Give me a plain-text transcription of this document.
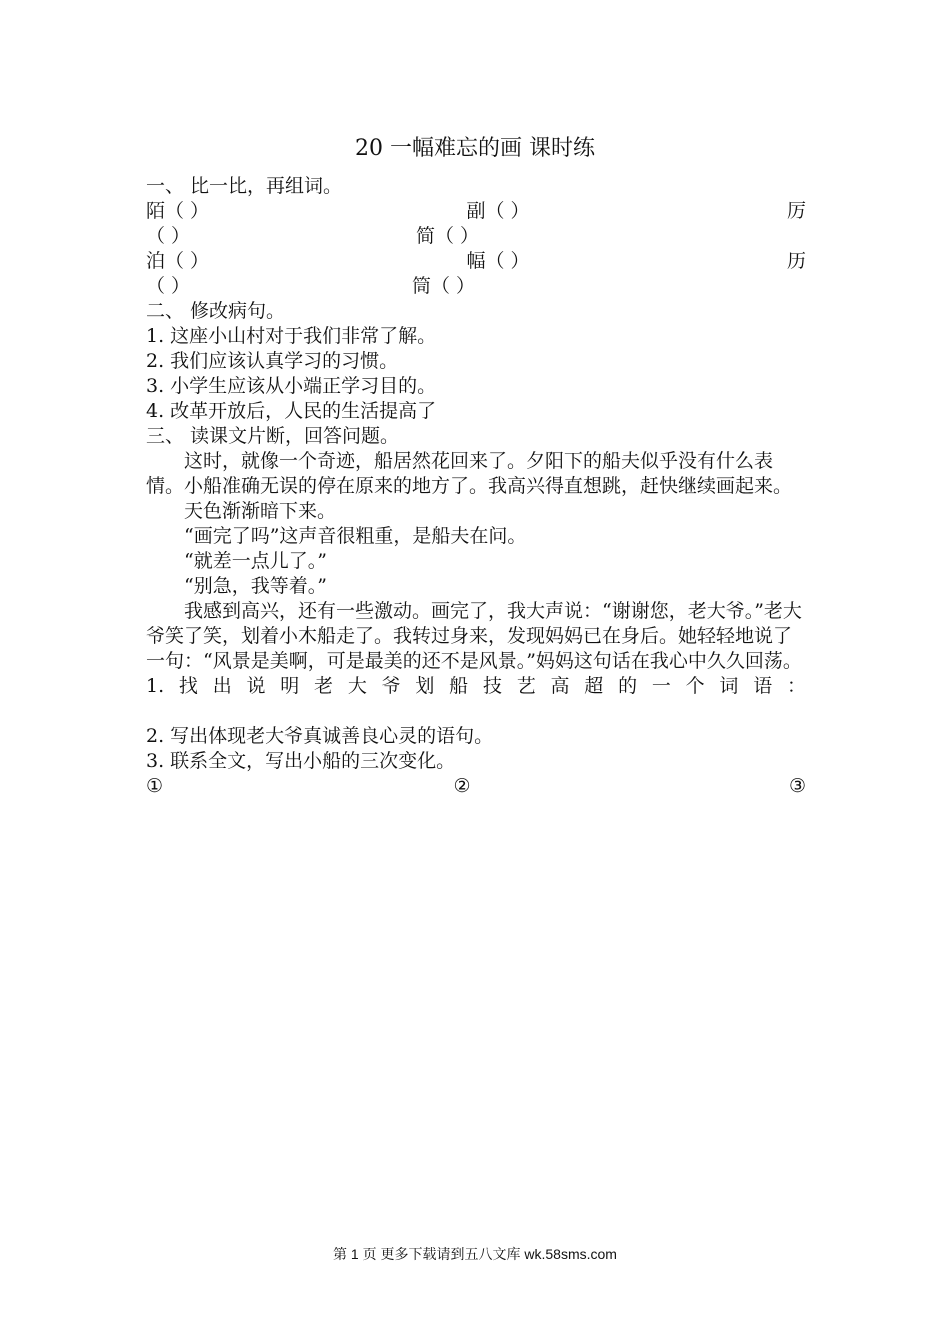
20 一幅难忘的画 课时练
一、 比一比，再组词。
陌（ ）	副（ ）	厉
（ ）	简（ ）
泊（ ）	幅（ ）	历
（ ）	筒（ ）
二、 修改病句。
1. 这座小山村对于我们非常了解。
2. 我们应该认真学习的习惯。
3. 小学生应该从小端正学习目的。
4. 改革开放后，人民的生活提高了
三、 读课文片断，回答问题。
这时，就像一个奇迹，船居然花回来了。夕阳下的船夫似乎没有什么表情。小船准确无误的停在原来的地方了。我高兴得直想跳，赶快继续画起来。
天色渐渐暗下来。
“画完了吗”这声音很粗重，是船夫在问。
“就差一点儿了。”
“别急，我等着。”
我感到高兴，还有一些激动。画完了，我大声说：“谢谢您，老大爷。”老大爷笑了笑，划着小木船走了。我转过身来，发现妈妈已在身后。她轻轻地说了一句：“风景是美啊，可是最美的还不是风景。”妈妈这句话在我心中久久回荡。
1. 找 出 说 明 老 大 爷 划 船 技 艺 高 超 的 一 个 词 语 ：
2. 写出体现老大爷真诚善良心灵的语句。
3. 联系全文，写出小船的三次变化。
①	②	③
第 1 页 更多下载请到五八文库 wk.58sms.com
